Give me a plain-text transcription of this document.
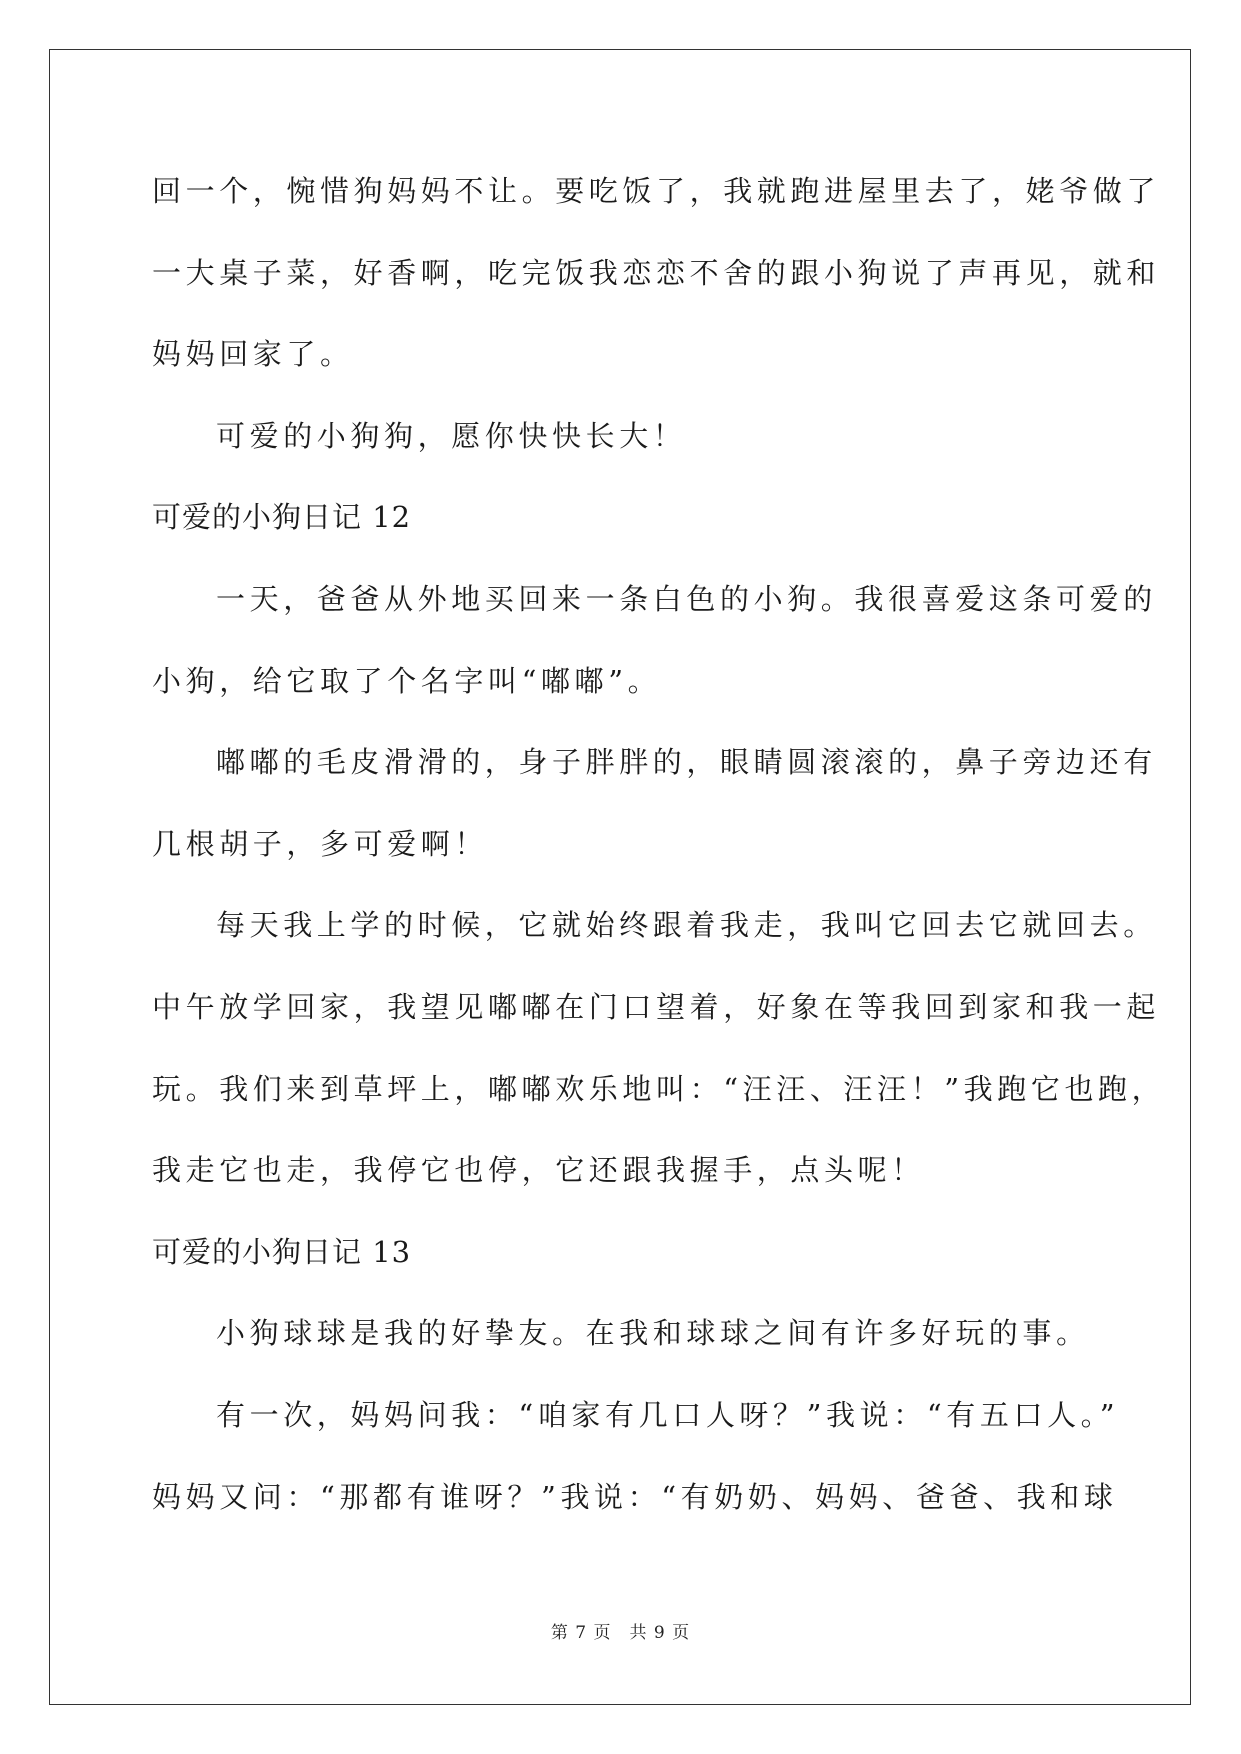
回一个，惋惜狗妈妈不让。要吃饭了，我就跑进屋里去了，姥爷做了
一大桌子菜，好香啊，吃完饭我恋恋不舍的跟小狗说了声再见，就和
妈妈回家了。
可爱的小狗狗，愿你快快长大！
可爱的小狗日记 12
一天，爸爸从外地买回来一条白色的小狗。我很喜爱这条可爱的
小狗，给它取了个名字叫“嘟嘟”。
嘟嘟的毛皮滑滑的，身子胖胖的，眼睛圆滚滚的，鼻子旁边还有
几根胡子，多可爱啊！
每天我上学的时候，它就始终跟着我走，我叫它回去它就回去。
中午放学回家，我望见嘟嘟在门口望着，好象在等我回到家和我一起
玩。我们来到草坪上，嘟嘟欢乐地叫：“汪汪、汪汪！”我跑它也跑，
我走它也走，我停它也停，它还跟我握手，点头呢！
可爱的小狗日记 13
小狗球球是我的好挚友。在我和球球之间有许多好玩的事。
有一次，妈妈问我：“咱家有几口人呀？”我说：“有五口人。”
妈妈又问：“那都有谁呀？”我说：“有奶奶、妈妈、爸爸、我和球
第 7 页　共 9 页
